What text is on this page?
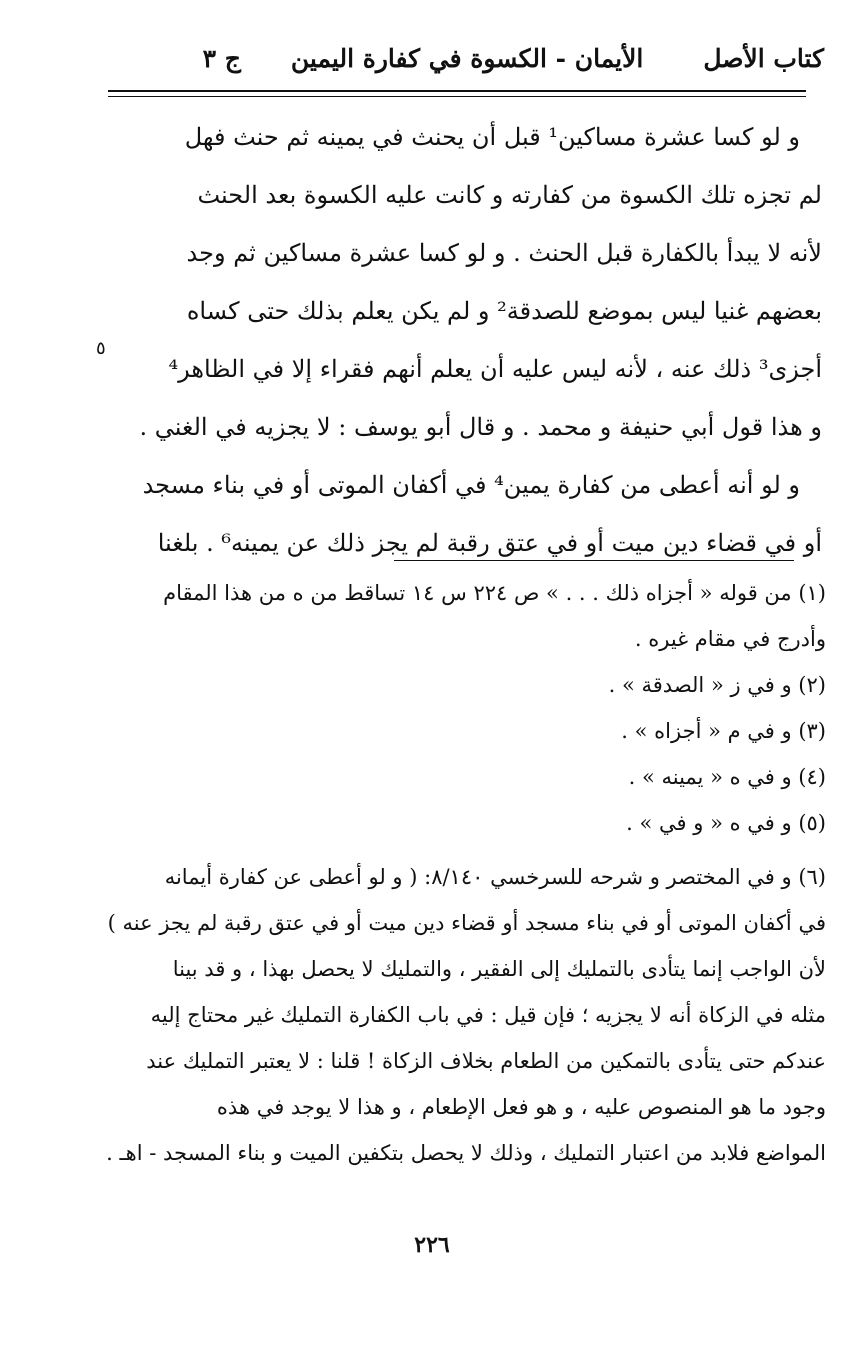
كتاب الأصل
الأيمان - الكسوة في كفارة اليمين
ج ٣
و لو كسا عشرة مساكين¹ قبل أن يحنث في يمينه ثم حنث فهل
لم تجزه تلك الكسوة من كفارته و كانت عليه الكسوة بعد الحنث
لأنه لا يبدأ بالكفارة قبل الحنث . و لو كسا عشرة مساكين ثم وجد
بعضهم غنيا ليس بموضع للصدقة² و لم يكن يعلم بذلك حتى كساه
أجزى³ ذلك عنه ، لأنه ليس عليه أن يعلم أنهم فقراء إلا في الظاهر⁴
و هذا قول أبي حنيفة و محمد . و قال أبو يوسف : لا يجزيه في الغني .
و لو أنه أعطى من كفارة يمين⁴ في أكفان الموتى أو في بناء مسجد
أو في قضاء دين ميت أو في عتق رقبة لم يجز ذلك عن يمينه⁶ . بلغنا
٥
(١) من قوله « أجزاه ذلك . . . » ص ٢٢٤ س ١٤ تساقط من ه من هذا المقام
وأدرج في مقام غيره .
(٢) و في ز « الصدقة » .
(٣) و في م « أجزاه » .
(٤) و في ه « يمينه » .
(٥) و في ه « و في » .
(٦) و في المختصر و شرحه للسرخسي ٨/١٤٠: ( و لو أعطى عن كفارة أيمانه
في أكفان الموتى أو في بناء مسجد أو قضاء دين ميت أو في عتق رقبة لم يجز عنه )
لأن الواجب إنما يتأدى بالتمليك إلى الفقير ، والتمليك لا يحصل بهذا ، و قد بينا
مثله في الزكاة أنه لا يجزيه ؛ فإن قيل : في باب الكفارة التمليك غير محتاج إليه
عندكم حتى يتأدى بالتمكين من الطعام بخلاف الزكاة ! قلنا : لا يعتبر التمليك عند
وجود ما هو المنصوص عليه ، و هو فعل الإطعام ، و هذا لا يوجد في هذه
المواضع فلابد من اعتبار التمليك ، وذلك لا يحصل بتكفين الميت و بناء المسجد - اهـ .
٢٢٦
